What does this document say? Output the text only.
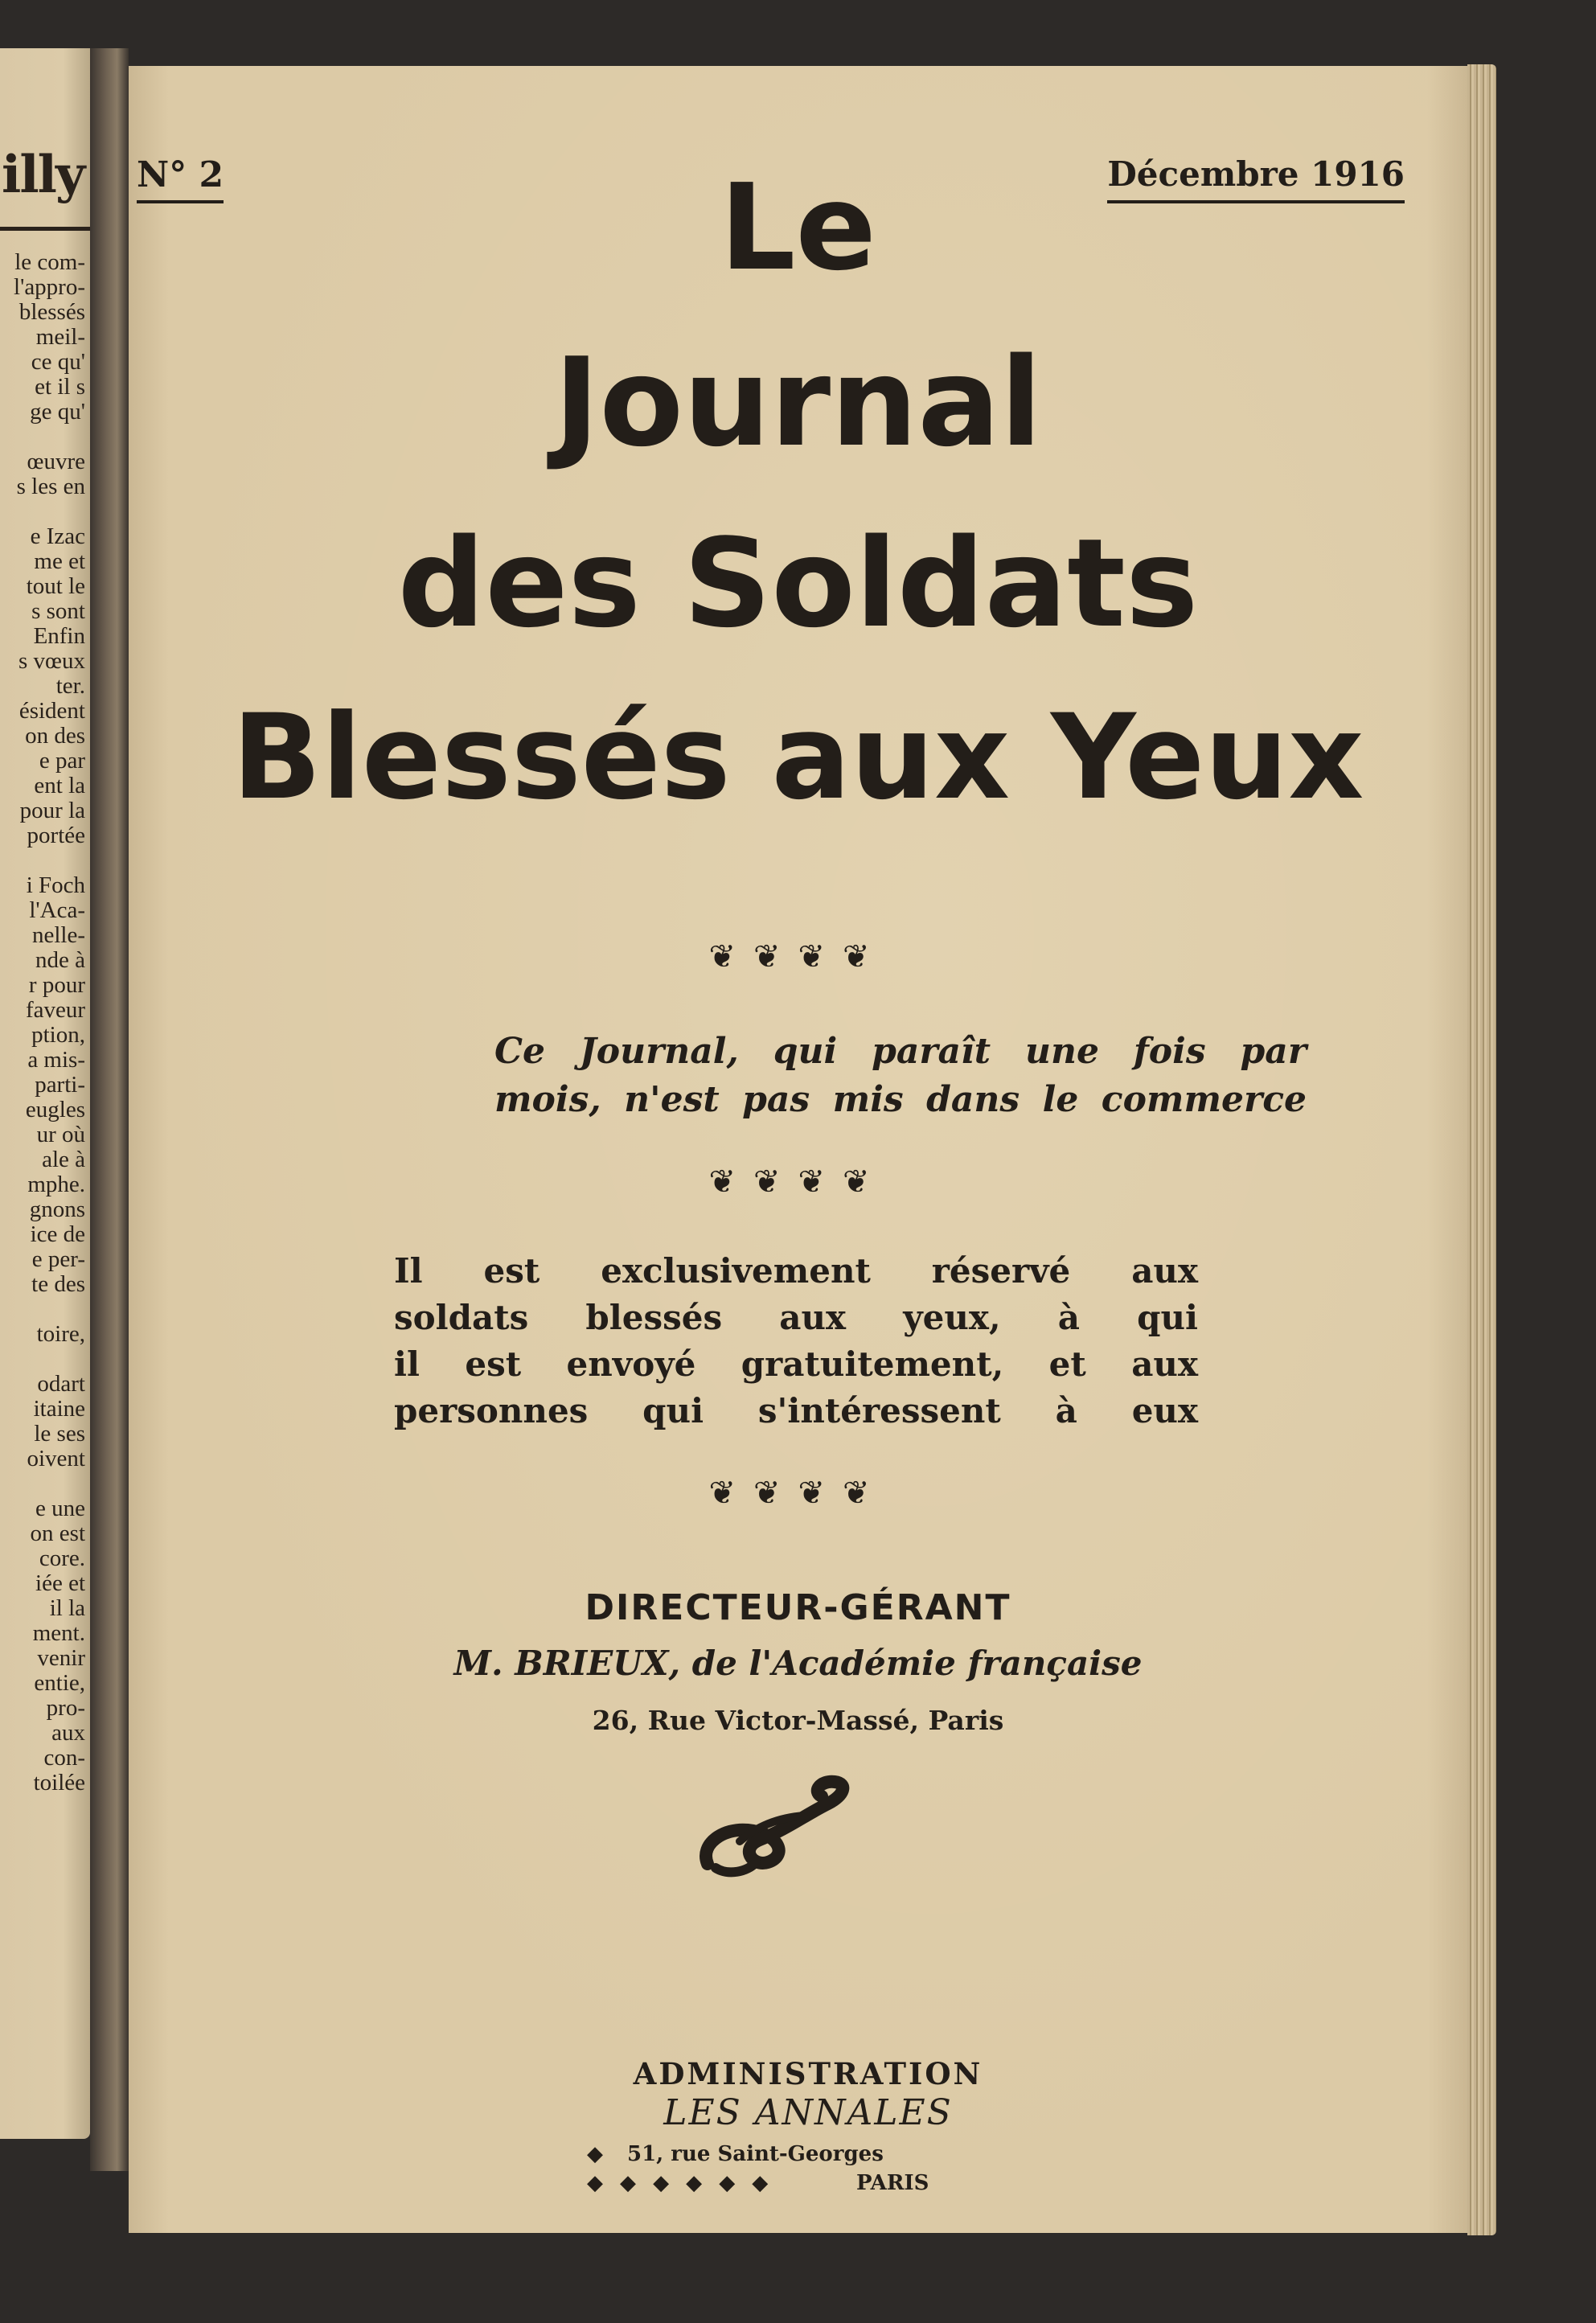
illy
le com-
l'appro-
blessés
meil-
ce qu'
et il s
ge qu'

œuvre
s les en

e Izac
me et
tout le
s sont
Enfin
s vœux
ter.
ésident
on des
e par
ent la
pour la
portée

i Foch
l'Aca-
nelle-
nde à
r pour
faveur
ption,
a mis-
parti-
eugles
ur où
ale à
mphe.
gnons
ice de
e per-
te des

toire,

odart
itaine
le ses
oivent

e une
on est
core.
iée et
il la
ment.
venir
entie,
pro-
aux
con-
toilée
N° 2	Décembre 1916
Le
Journal
des Soldats
Blessés aux Yeux
❦❦❦❦
Ce Journal, qui paraît une fois par
mois, n'est pas mis dans le commerce
❦❦❦❦
Il est exclusivement réservé aux
soldats blessés aux yeux, à qui
il est envoyé gratuitement, et aux
personnes qui s'intéressent à eux
❦❦❦❦
DIRECTEUR-GÉRANT
M. BRIEUX, de l'Académie française
26, Rue Victor-Massé, Paris
ADMINISTRATION
LES ANNALES
◆ 51, rue Saint-Georges
◆ ◆ ◆ ◆ ◆ ◆	PARIS
